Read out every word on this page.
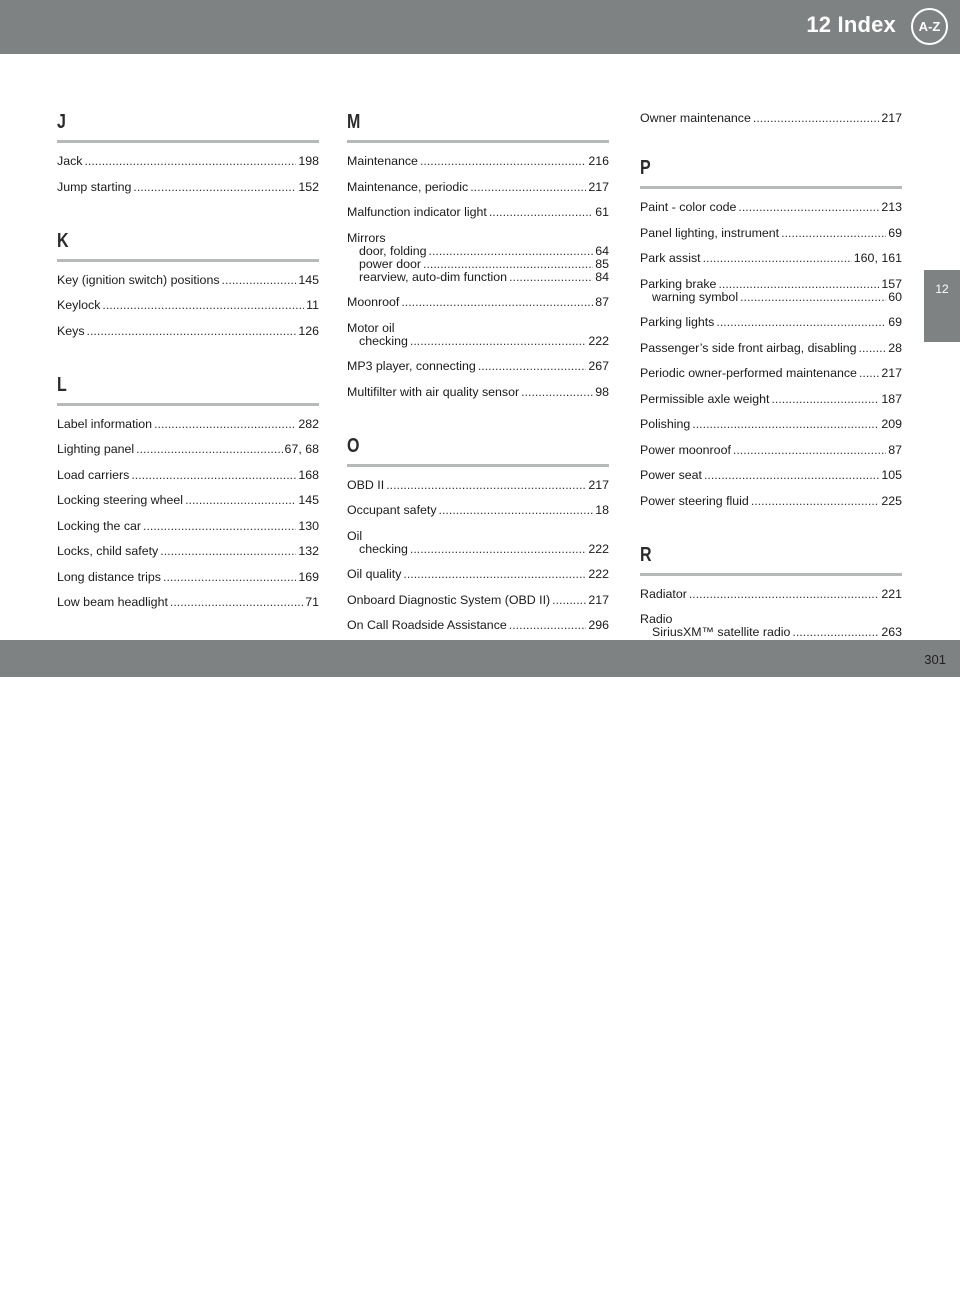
12 Index	A-Z
12
J
Jack .....	198
Jump starting .....	152
K
Key (ignition switch) positions .....	145
Keylock .....	11
Keys .....	126
L
Label information .....	282
Lighting panel .....	67, 68
Load carriers .....	168
Locking steering wheel .....	145
Locking the car .....	130
Locks, child safety .....	132
Long distance trips .....	169
Low beam headlight .....	71
M
Maintenance .....	216
Maintenance, periodic .....	217
Malfunction indicator light .....	61
Mirrors
door, folding .....	64
power door .....	85
rearview, auto-dim function .....	84
Moonroof .....	87
Motor oil
checking .....	222
MP3 player, connecting .....	267
Multifilter with air quality sensor .....	98
O
OBD II .....	217
Occupant safety .....	18
Oil
checking .....	222
Oil quality .....	222
Onboard Diagnostic System (OBD II) .....	217
On Call Roadside Assistance .....	296
Owner maintenance .....	217
P
Paint - color code .....	213
Panel lighting, instrument .....	69
Park assist .....	160, 161
Parking brake .....	157
warning symbol .....	60
Parking lights .....	69
Passenger’s side front airbag, disabling .....	28
Periodic owner-performed maintenance ..... 217
Permissible axle weight .....	187
Polishing .....	209
Power moonroof .....	87
Power seat .....	105
Power steering fluid .....	225
R
Radiator .....	221
Radio
SiriusXM™ satellite radio .....	263
carmanualsonline.info
301
